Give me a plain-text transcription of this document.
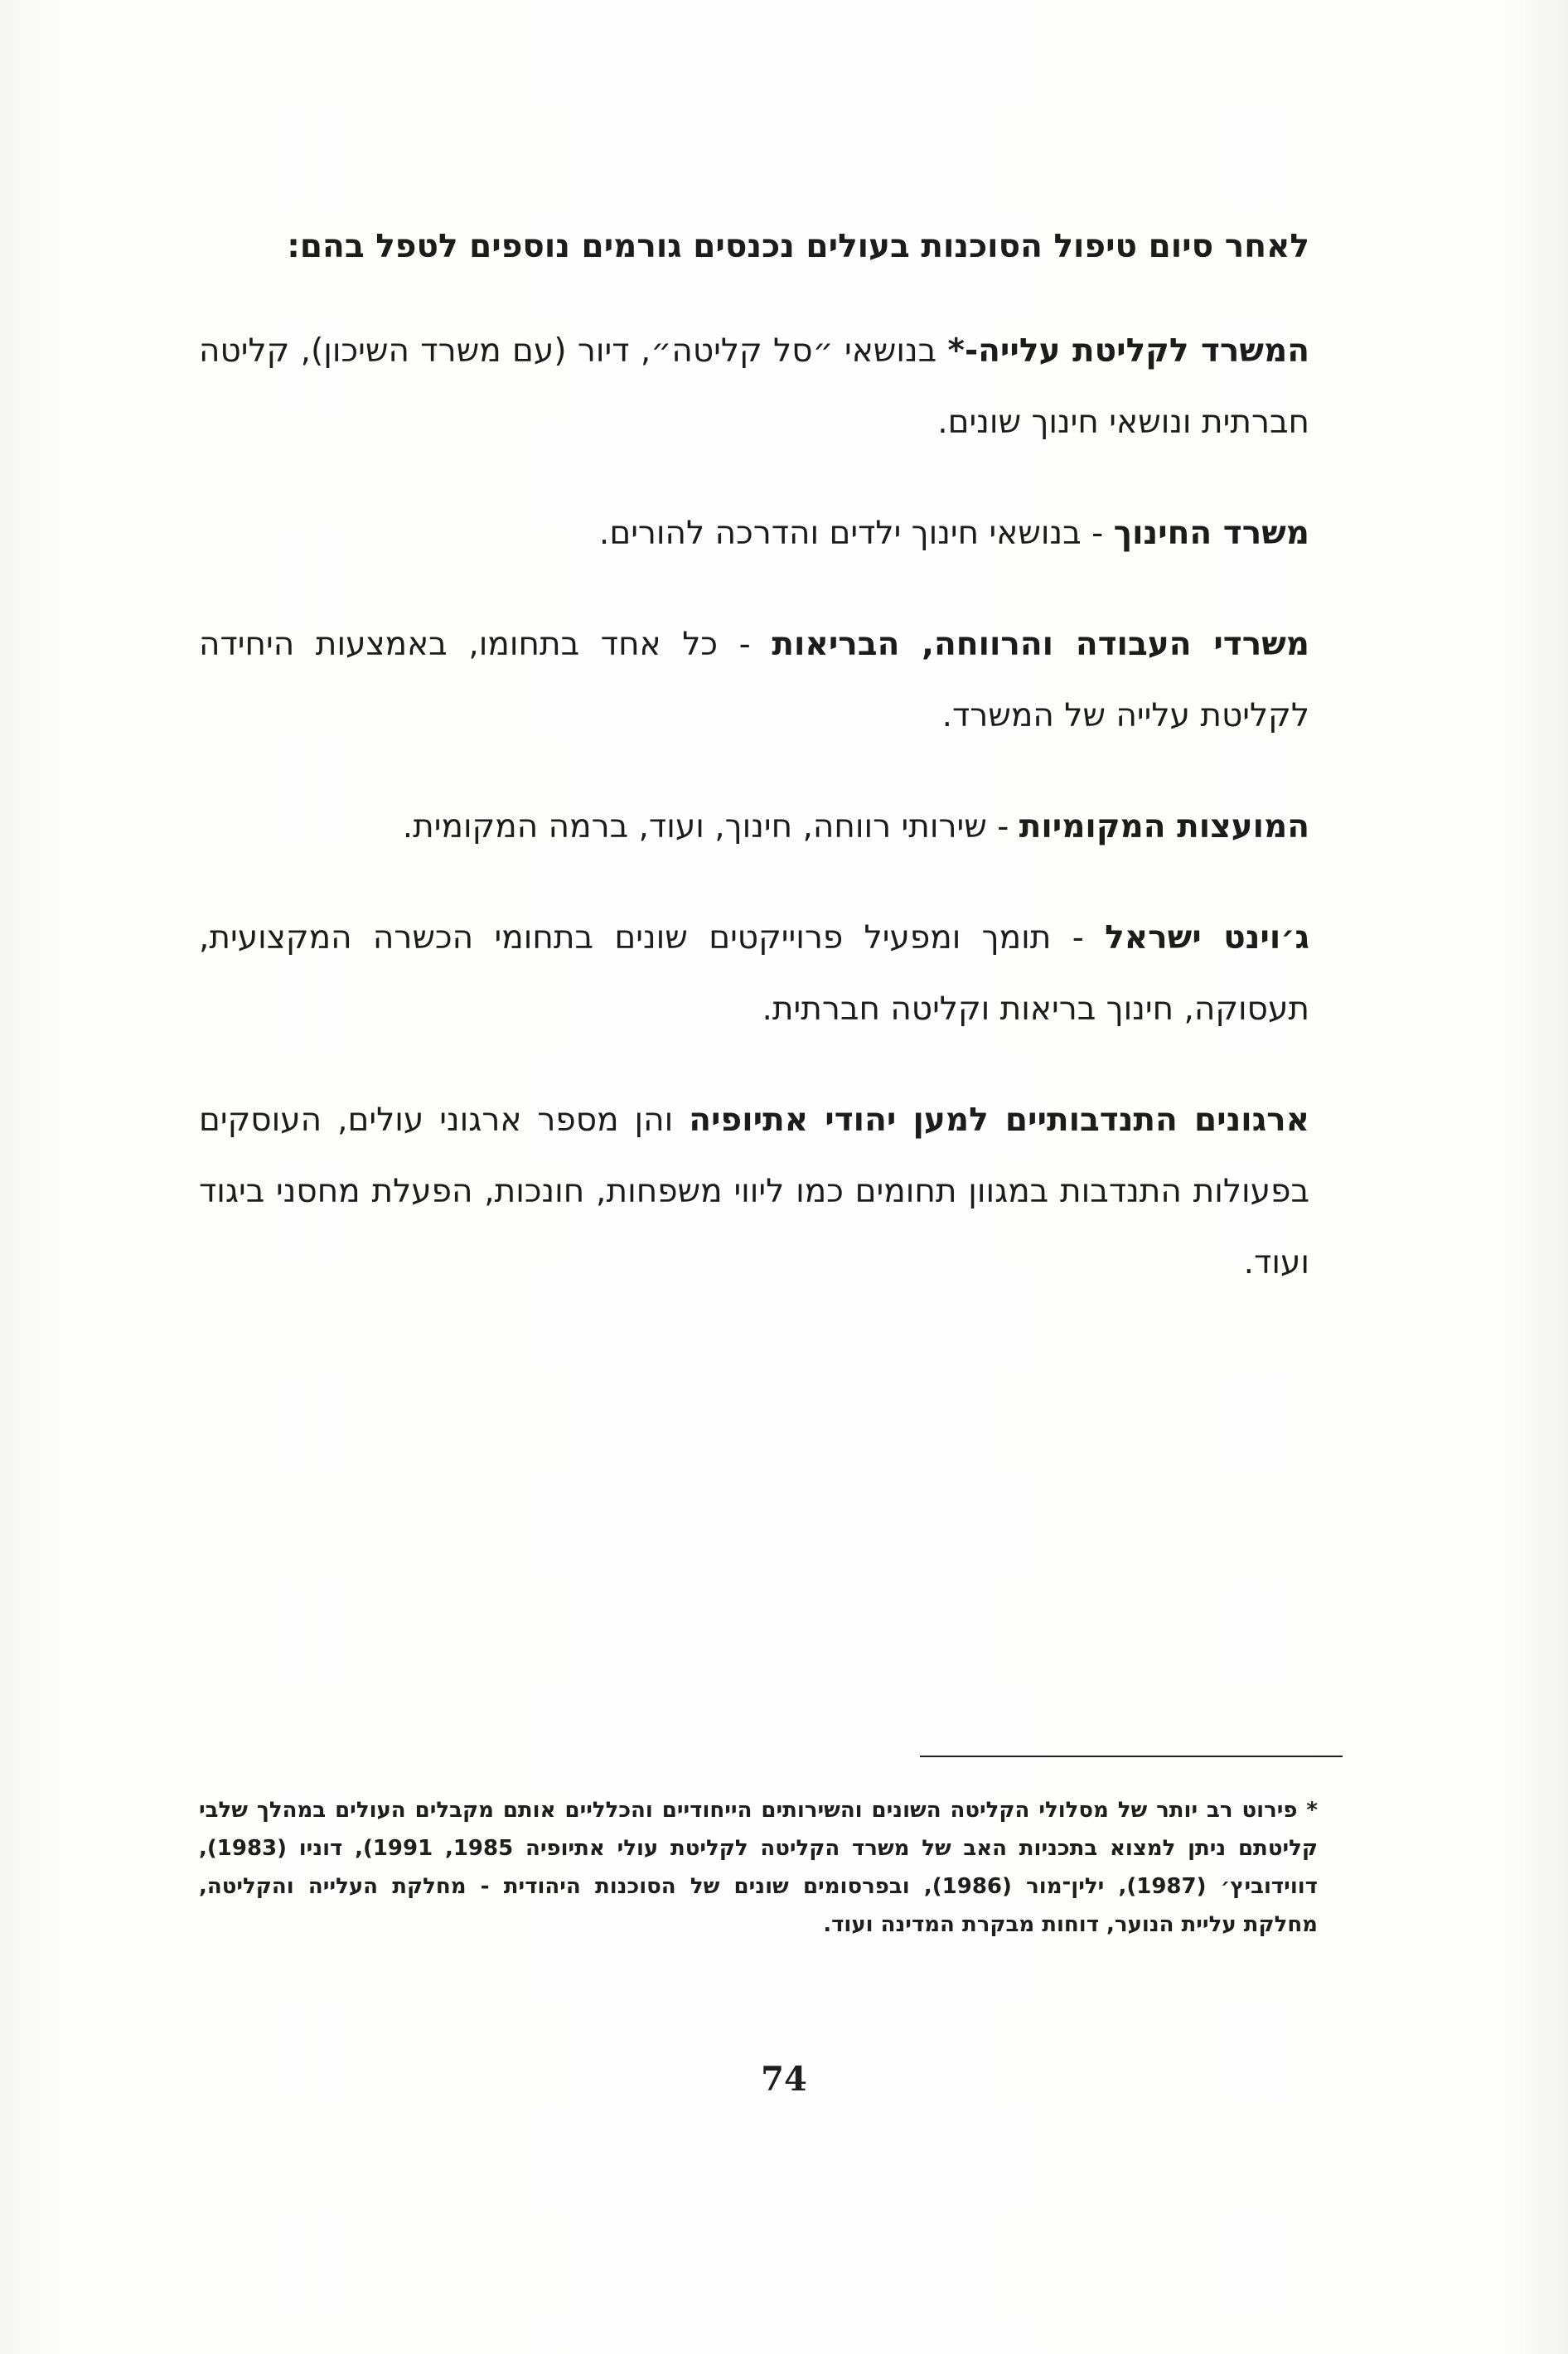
לאחר סיום טיפול הסוכנות בעולים נכנסים גורמים נוספים לטפל בהם:

המשרד לקליטת עלייה-* בנושאי ״סל קליטה״, דיור (עם משרד השיכון), קליטה חברתית ונושאי חינוך שונים.

משרד החינוך - בנושאי חינוך ילדים והדרכה להורים.

משרדי העבודה והרווחה, הבריאות - כל אחד בתחומו, באמצעות היחידה לקליטת עלייה של המשרד.

המועצות המקומיות - שירותי רווחה, חינוך, ועוד, ברמה המקומית.

ג׳וינט ישראל - תומך ומפעיל פרוייקטים שונים בתחומי הכשרה המקצועית, תעסוקה, חינוך בריאות וקליטה חברתית.

ארגונים התנדבותיים למען יהודי אתיופיה והן מספר ארגוני עולים, העוסקים בפעולות התנדבות במגוון תחומים כמו ליווי משפחות, חונכות, הפעלת מחסני ביגוד ועוד.

* פירוט רב יותר של מסלולי הקליטה השונים והשירותים הייחודיים והכלליים אותם מקבלים העולים במהלך שלבי קליטתם ניתן למצוא בתכניות האב של משרד הקליטה לקליטת עולי אתיופיה 1985, 1991), דוניו (1983), דווידוביץ׳ (1987), ילין־מור (1986), ובפרסומים שונים של הסוכנות היהודית - מחלקת העלייה והקליטה, מחלקת עליית הנוער, דוחות מבקרת המדינה ועוד.

74
